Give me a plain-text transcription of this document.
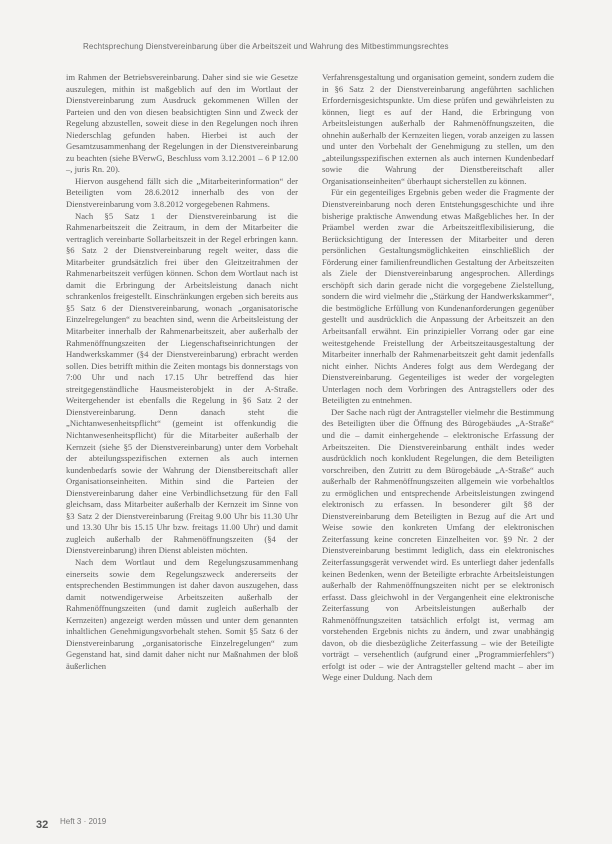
Rechtsprechung Dienstvereinbarung über die Arbeitszeit und Wahrung des Mitbestimmungsrechtes

im Rahmen der Betriebsvereinbarung. Daher sind sie wie Gesetze auszulegen, mithin ist maßgeblich auf den im Wortlaut der Dienstvereinbarung zum Ausdruck gekommenen Willen der Parteien und den von diesen beabsichtigten Sinn und Zweck der Regelung abzustellen, soweit diese in den Regelungen noch ihren Niederschlag gefunden haben. Hierbei ist auch der Gesamtzusammenhang der Regelungen in der Dienstvereinbarung zu beachten (siehe BVerwG, Beschluss vom 3.12.2001 – 6 P 12.00 –, juris Rn. 20).

Hiervon ausgehend fällt sich die „Mitarbeiterinformation“ der Beteiligten vom 28.6.2012 innerhalb des von der Dienstvereinbarung vom 3.8.2012 vorgegebenen Rahmens.

Nach §5 Satz 1 der Dienstvereinbarung ist die Rahmenarbeitszeit die Zeitraum, in dem der Mitarbeiter die vertraglich vereinbarte Sollarbeitszeit in der Regel erbringen kann. §6 Satz 2 der Dienstvereinbarung regelt weiter, dass die Mitarbeiter grundsätzlich frei über den Gleitzeitrahmen der Rahmenarbeitszeit verfügen können. Schon dem Wortlaut nach ist damit die Erbringung der Arbeitsleistung danach nicht schrankenlos freigestellt. Einschränkungen ergeben sich bereits aus §5 Satz 6 der Dienstvereinbarung, wonach „organisatorische Einzelregelungen“ zu beachten sind, wenn die Arbeitsleistung der Mitarbeiter innerhalb der Rahmenarbeitszeit, aber außerhalb der Rahmenöffnungszeiten der Liegenschaftseinrichtungen der Handwerkskammer (§4 der Dienstvereinbarung) erbracht werden sollen. Dies betrifft mithin die Zeiten montags bis donnerstags von 7:00 Uhr und nach 17.15 Uhr betreffend das hier streitgegenständliche Hausmeisterobjekt in der A-Straße. Weitergehender ist ebenfalls die Regelung in §6 Satz 2 der Dienstvereinbarung. Denn danach steht die „Nichtanwesenheitspflicht“ (gemeint ist offenkundig die Nichtanwesenheitspflicht) für die Mitarbeiter außerhalb der Kernzeit (siehe §5 der Dienstvereinbarung) unter dem Vorbehalt der abteilungsspezifischen externen als auch internen kundenbedarfs sowie der Wahrung der Dienstbereitschaft aller Organisationseinheiten. Mithin sind die Parteien der Dienstvereinbarung daher eine Verbindlichsetzung für den Fall gleichsam, dass Mitarbeiter außerhalb der Kernzeit im Sinne von §3 Satz 2 der Dienstvereinbarung (Freitag 9.00 Uhr bis 11.30 Uhr und 13.30 Uhr bis 15.15 Uhr bzw. freitags 11.00 Uhr) und damit zugleich außerhalb der Rahmenöffnungszeiten (§4 der Dienstvereinbarung) ihren Dienst ableisten möchten.

Nach dem Wortlaut und dem Regelungszusammenhang einerseits sowie dem Regelungszweck andererseits der entsprechenden Bestimmungen ist daher davon auszugehen, dass damit notwendigerweise Arbeitszeiten außerhalb der Rahmenöffnungszeiten (und damit zugleich außerhalb der Kernzeiten) angezeigt werden müssen und unter dem genannten inhaltlichen Genehmigungsvorbehalt stehen. Somit §5 Satz 6 der Dienstvereinbarung „organisatorische Einzelregelungen“ zum Gegenstand hat, sind damit daher nicht nur Maßnahmen der bloß äußerlichen

Verfahrensgestaltung und organisation gemeint, sondern zudem die in §6 Satz 2 der Dienstvereinbarung angeführten sachlichen Erfordernisgesichtspunkte. Um diese prüfen und gewährleisten zu können, liegt es auf der Hand, die Erbringung von Arbeitsleistungen außerhalb der Rahmenöffnungszeiten, die ohnehin außerhalb der Kernzeiten liegen, vorab anzeigen zu lassen und unter den Vorbehalt der Genehmigung zu stellen, um den „abteilungsspezifischen externen als auch internen Kundenbedarf sowie die Wahrung der Dienstbereitschaft aller Organisationseinheiten“ überhaupt sicherstellen zu können.

Für ein gegenteiliges Ergebnis geben weder die Fragmente der Dienstvereinbarung noch deren Entstehungsgeschichte und ihre bisherige praktische Anwendung etwas Maßgebliches her. In der Präambel werden zwar die Arbeitszeitflexibilisierung, die Berücksichtigung der Interessen der Mitarbeiter und deren persönlichen Gestaltungsmöglichkeiten einschließlich der Förderung einer familienfreundlichen Gestaltung der Arbeitszeiten als Ziele der Dienstvereinbarung angesprochen. Allerdings erschöpft sich darin gerade nicht die vorgegebene Zielstellung, sondern die wird vielmehr die „Stärkung der Handwerkskammer“, die bestmögliche Erfüllung von Kundenanforderungen gegenüber gestellt und ausdrücklich die Anpassung der Arbeitszeit an den Arbeitsanfall erwähnt. Ein prinzipieller Vorrang oder gar eine weitestgehende Freistellung der Arbeitszeitausgestaltung der Mitarbeiter innerhalb der Rahmenarbeitszeit geht damit jedenfalls nicht einher. Nichts Anderes folgt aus dem Werdegang der Dienstvereinbarung. Gegenteiliges ist weder der vorgelegten Unterlagen noch dem Vorbringen des Antragstellers oder des Beteiligten zu entnehmen.

Der Sache nach rügt der Antragsteller vielmehr die Bestimmung des Beteiligten über die Öffnung des Bürogebäudes „A-Straße“ und die – damit einhergehende – elektronische Erfassung der Arbeitszeiten. Die Dienstvereinbarung enthält indes weder ausdrücklich noch konkludent Regelungen, die dem Beteiligten vorschreiben, den Zutritt zu dem Bürogebäude „A-Straße“ auch außerhalb der Rahmenöffnungszeiten allgemein wie vorbehaltlos zu ermöglichen und entsprechende Arbeitsleistungen zwingend elektronisch zu erfassen. In besonderer gilt §8 der Dienstvereinbarung dem Beteiligten in Bezug auf die Art und Weise sowie den konkreten Umfang der elektronischen Zeiterfassung keine concreten Einzelheiten vor. §9 Nr. 2 der Dienstvereinbarung bestimmt lediglich, dass ein elektronisches Zeiterfassungsgerät verwendet wird. Es unterliegt daher jedenfalls keinen Bedenken, wenn der Beteiligte erbrachte Arbeitsleistungen außerhalb der Rahmenöffnungszeiten nicht per se elektronisch erfasst. Dass gleichwohl in der Vergangenheit eine elektronische Zeiterfassung von Arbeitsleistungen außerhalb der Rahmenöffnungszeiten tatsächlich erfolgt ist, vermag am vorstehenden Ergebnis nichts zu ändern, und zwar unabhängig davon, ob die diesbezügliche Zeiterfassung – wie der Beteiligte vorträgt – versehentlich (aufgrund einer „Programmierfehlers“) erfolgt ist oder – wie der Antragsteller geltend macht – aber im Wege einer Duldung. Nach dem

32 Heft 3 · 2019
